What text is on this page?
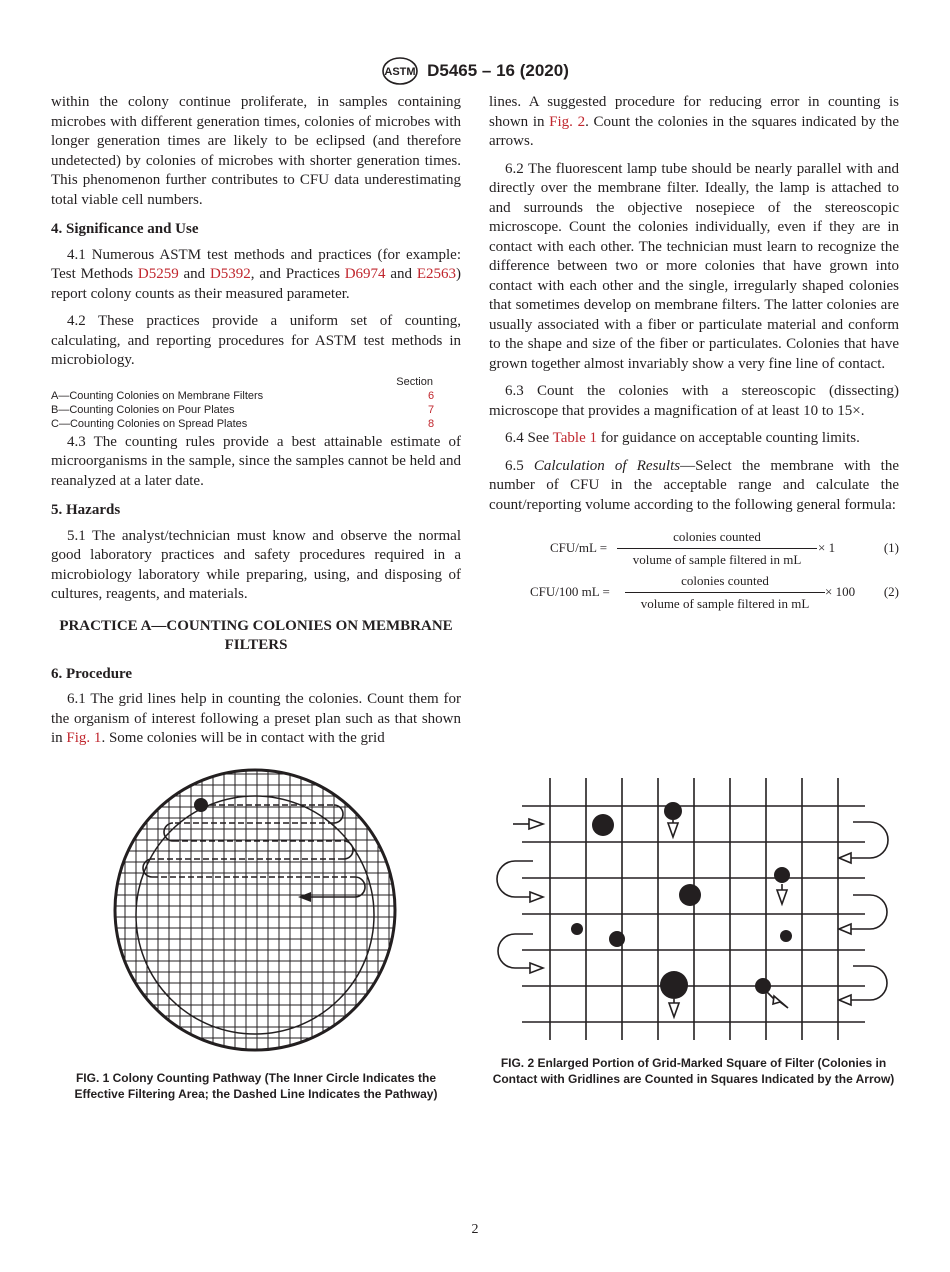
ASTM D5465 – 16 (2020)

within the colony continue proliferate, in samples containing microbes with different generation times, colonies of microbes with longer generation times are likely to be eclipsed (and therefore undetected) by colonies of microbes with shorter generation times. This phenomenon further contributes to CFU data underestimating total viable cell numbers.

4. Significance and Use

4.1 Numerous ASTM test methods and practices (for example: Test Methods D5259 and D5392, and Practices D6974 and E2563) report colony counts as their measured parameter.

4.2 These practices provide a uniform set of counting, calculating, and reporting procedures for ASTM test methods in microbiology.

Section
A—Counting Colonies on Membrane Filters	6
B—Counting Colonies on Pour Plates	7
C—Counting Colonies on Spread Plates	8

4.3 The counting rules provide a best attainable estimate of microorganisms in the sample, since the samples cannot be held and reanalyzed at a later date.

5. Hazards

5.1 The analyst/technician must know and observe the normal good laboratory practices and safety procedures required in a microbiology laboratory while preparing, using, and disposing of cultures, reagents, and materials.

PRACTICE A—COUNTING COLONIES ON MEMBRANE FILTERS
6. Procedure

6.1 The grid lines help in counting the colonies. Count them for the organism of interest following a preset plan such as that shown in Fig. 1. Some colonies will be in contact with the grid

lines. A suggested procedure for reducing error in counting is shown in Fig. 2. Count the colonies in the squares indicated by the arrows.

6.2 The fluorescent lamp tube should be nearly parallel with and directly over the membrane filter. Ideally, the lamp is attached to and surrounds the objective nosepiece of the stereoscopic microscope. Count the colonies individually, even if they are in contact with each other. The technician must learn to recognize the difference between two or more colonies that have grown into contact with each other and the single, irregularly shaped colonies that sometimes develop on membrane filters. The latter colonies are usually associated with a fiber or particulate material and conform to the shape and size of the fiber or particulates. Colonies that have grown together almost invariably show a very fine line of contact.

6.3 Count the colonies with a stereoscopic (dissecting) microscope that provides a magnification of at least 10 to 15×.

6.4 See Table 1 for guidance on acceptable counting limits.

6.5 Calculation of Results—Select the membrane with the number of CFU in the acceptable range and calculate the count/reporting volume according to the following general formula:

CFU/mL =
colonies counted
volume of sample filtered in mL
× 1	(1)
CFU/100 mL =
colonies counted
volume of sample filtered in mL
× 100 (2)
FIG. 1 Colony Counting Pathway (The Inner Circle Indicates the Effective Filtering Area; the Dashed Line Indicates the Pathway)
FIG. 2 Enlarged Portion of Grid-Marked Square of Filter (Colonies in Contact with Gridlines are Counted in Squares Indicated by the Arrow)
2
